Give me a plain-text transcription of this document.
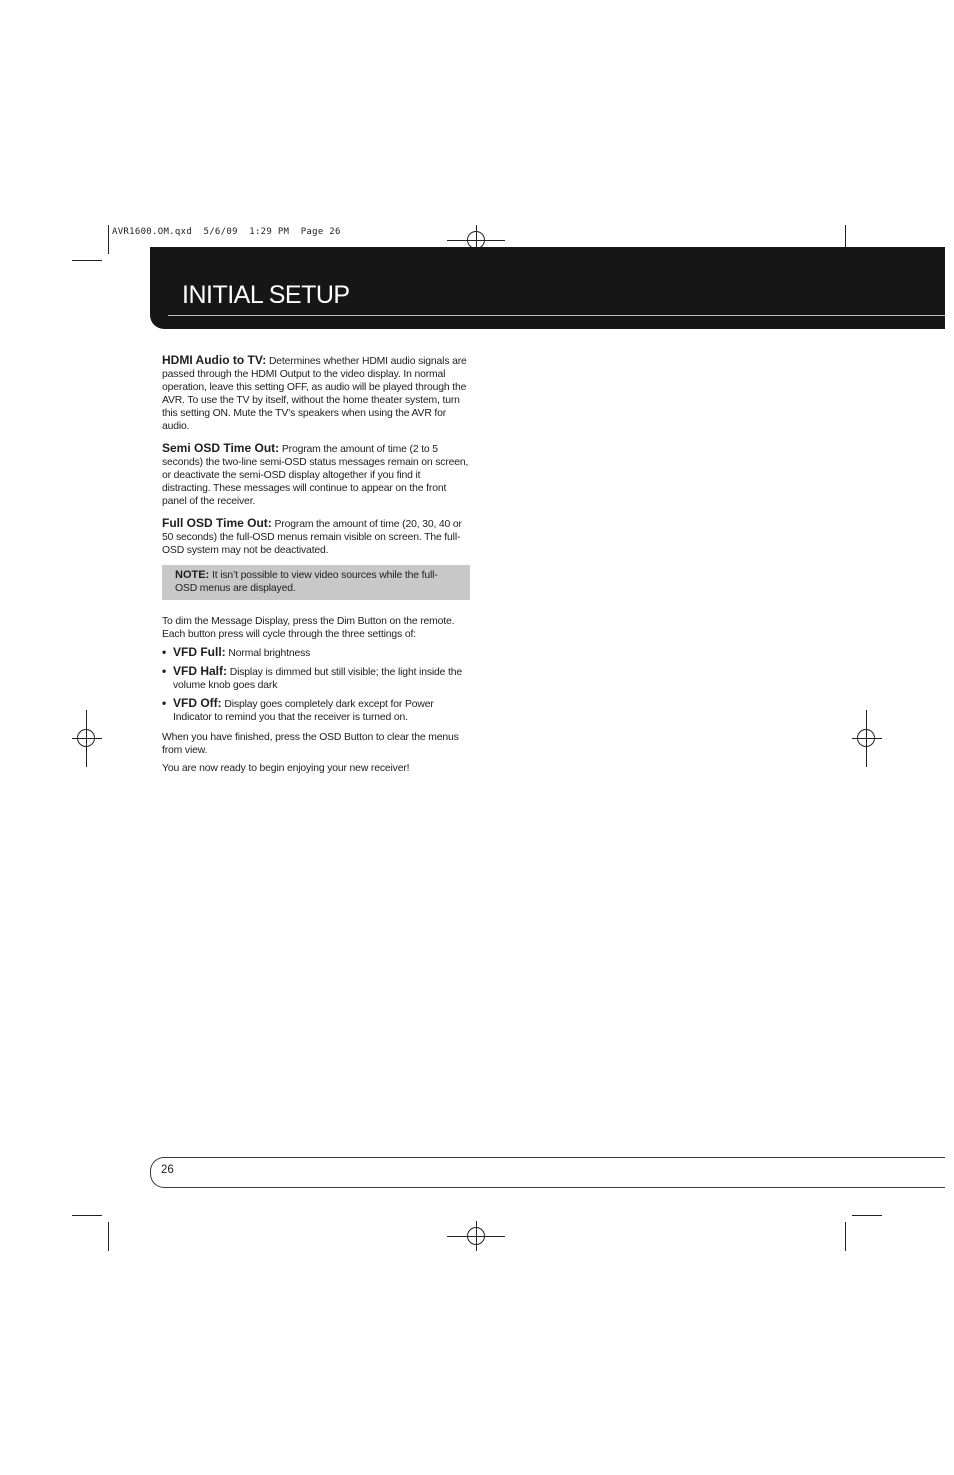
AVR1600.OM.qxd  5/6/09  1:29 PM  Page 26
INITIAL SETUP

HDMI Audio to TV: Determines whether HDMI audio signals are passed through the HDMI Output to the video display. In normal operation, leave this setting OFF, as audio will be played through the AVR. To use the TV by itself, without the home theater system, turn this setting ON. Mute the TV’s speakers when using the AVR for audio.

Semi OSD Time Out: Program the amount of time (2 to 5 seconds) the two-line semi-OSD status messages remain on screen, or deactivate the semi-OSD display altogether if you find it distracting. These messages will continue to appear on the front panel of the receiver.

Full OSD Time Out: Program the amount of time (20, 30, 40 or 50 seconds) the full-OSD menus remain visible on screen. The full-OSD system may not be deactivated.

NOTE: It isn’t possible to view video sources while the full-OSD menus are displayed.

To dim the Message Display, press the Dim Button on the remote. Each button press will cycle through the three settings of:

• VFD Full: Normal brightness
• VFD Half: Display is dimmed but still visible; the light inside the volume knob goes dark
• VFD Off: Display goes completely dark except for Power Indicator to remind you that the receiver is turned on.

When you have finished, press the OSD Button to clear the menus from view.

You are now ready to begin enjoying your new receiver!

26
